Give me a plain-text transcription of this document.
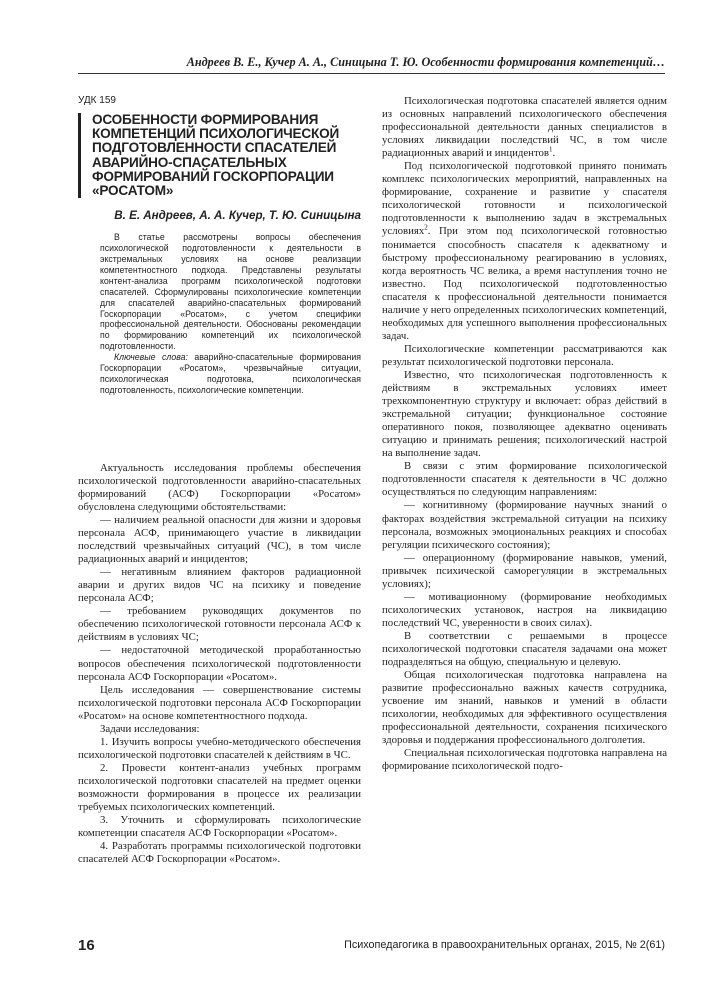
Андреев В. Е., Кучер А. А., Синицына Т. Ю. Особенности формирования компетенций…
УДК 159
ОСОБЕННОСТИ ФОРМИРОВАНИЯ
КОМПЕТЕНЦИЙ ПСИХОЛОГИЧЕСКОЙ
ПОДГОТОВЛЕННОСТИ СПАСАТЕЛЕЙ
АВАРИЙНО-СПАСАТЕЛЬНЫХ
ФОРМИРОВАНИЙ ГОСКОРПОРАЦИИ
«РОСАТОМ»
В. Е. Андреев, А. А. Кучер, Т. Ю. Синицына
В статье рассмотрены вопросы обеспечения психологической подготовленности к деятельности в экстремальных условиях на основе реализации компетентностного подхода. Представлены результаты контент-анализа программ психологической подготовки спасателей. Сформулированы психологические компетенции для спасателей аварийно-спасательных формирований Госкорпорации «Росатом», с учетом специфики профессиональной деятельности. Обоснованы рекомендации по формированию компетенций их психологической подготовленности.
Ключевые слова: аварийно-спасательные формирования Госкорпорации «Росатом», чрезвычайные ситуации, психологическая подготовка, психологическая подготовленность, психологические компетенции.

Актуальность исследования проблемы обеспечения психологической подготовленности аварийно-спасательных формирований (АСФ) Госкорпорации «Росатом» обусловлена следующими обстоятельствами:

— наличием реальной опасности для жизни и здоровья персонала АСФ, принимающего участие в ликвидации последствий чрезвычайных ситуаций (ЧС), в том числе радиационных аварий и инцидентов;

— негативным влиянием факторов радиационной аварии и других видов ЧС на психику и поведение персонала АСФ;

— требованием руководящих документов по обеспечению психологической готовности персонала АСФ к действиям в условиях ЧС;

— недостаточной методической проработанностью вопросов обеспечения психологической подготовленности персонала АСФ Госкорпорации «Росатом».

Цель исследования — совершенствование системы психологической подготовки персонала АСФ Госкорпорации «Росатом» на основе компетентностного подхода.

Задачи исследования:

1. Изучить вопросы учебно-методического обеспечения психологической подготовки спасателей к действиям в ЧС.

2. Провести контент-анализ учебных программ психологической подготовки спасателей на предмет оценки возможности формирования в процессе их реализации требуемых психологических компетенций.

3. Уточнить и сформулировать психологические компетенции спасателя АСФ Госкорпорации «Росатом».

4. Разработать программы психологической подготовки спасателей АСФ Госкорпорации «Росатом».

Психологическая подготовка спасателей является одним из основных направлений психологического обеспечения профессиональной деятельности данных специалистов в условиях ликвидации последствий ЧС, в том числе радиационных аварий и инцидентов$^1$.
Под психологической подготовкой принято понимать комплекс психологических мероприятий, направленных на формирование, сохранение и развитие у спасателя психологической готовности и психологической подготовленности к выполнению задач в экстремальных условиях$^2$. При этом под психологической готовностью понимается способность спасателя к адекватному и быстрому профессиональному реагированию в условиях, когда вероятность ЧС велика, а время наступления точно не известно. Под психологической подготовленностью спасателя к профессиональной деятельности понимается наличие у него определенных психологических компетенций, необходимых для успешного выполнения профессиональных задач.

Психологические компетенции рассматриваются как результат психологической подготовки персонала.

Известно, что психологическая подготовленность к действиям в экстремальных условиях имеет трехкомпонентную структуру и включает: образ действий в экстремальной ситуации; функциональное состояние оперативного покоя, позволяющее адекватно оценивать ситуацию и принимать решения; психологический настрой на выполнение задач.

В связи с этим формирование психологической подготовленности спасателя к деятельности в ЧС должно осуществляться по следующим направлениям:

— когнитивному (формирование научных знаний о факторах воздействия экстремальной ситуации на психику персонала, возможных эмоциональных реакциях и способах регуляции психического состояния);

— операционному (формирование навыков, умений, привычек психической саморегуляции в экстремальных условиях);

— мотивационному (формирование необходимых психологических установок, настроя на ликвидацию последствий ЧС, уверенности в своих силах).

В соответствии с решаемыми в процессе психологической подготовки спасателя задачами она может подразделяться на общую, специальную и целевую.

Общая психологическая подготовка направлена на развитие профессионально важных качеств сотрудника, усвоение им знаний, навыков и умений в области психологии, необходимых для эффективного осуществления профессиональной деятельности, сохранения психического здоровья и поддержания профессионального долголетия.

Специальная психологическая подготовка направлена на формирование психологической подго-

16	Психопедагогика в правоохранительных органах, 2015, № 2(61)
